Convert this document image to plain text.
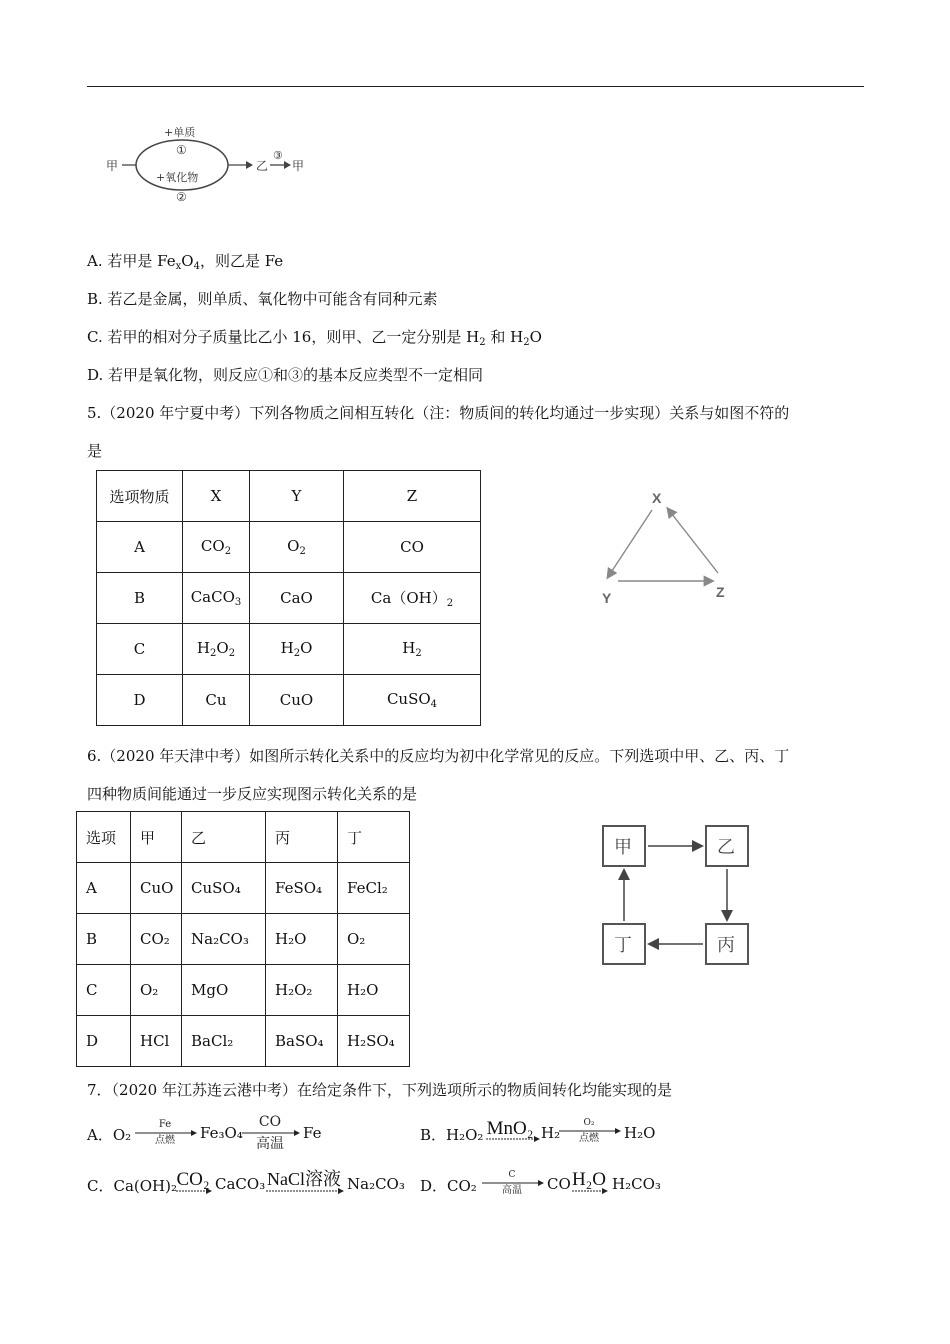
甲
+单质
①
+氧化物
②
乙
③
甲
A. 若甲是 $Fe_xO_4$，则乙是 Fe
B. 若乙是金属，则单质、氧化物中可能含有同种元素
C. 若甲的相对分子质量比乙小 16，则甲、乙一定分别是 $H_2$ 和 $H_2O$
D. 若甲是氧化物，则反应①和③的基本反应类型不一定相同
5.（2020 年宁夏中考）下列各物质之间相互转化（注：物质间的转化均通过一步实现）关系与如图不符的
是
选项物质	X	Y	Z
A	$CO_2$	$O_2$	CO
B	CaCO$_3$	CaO	$Ca(OH)_2$
C	$H_2O_2$	$H_2O$	$H_2$
D	Cu	CuO	CuSO$_4$
X
Y	Z
6.（2020 年天津中考）如图所示转化关系中的反应均为初中化学常见的反应。下列选项中甲、乙、丙、丁
四种物质间能通过一步反应实现图示转化关系的是
选项	甲	乙	丙	丁
A	CuO	CuSO₄	FeSO₄	FeCl₂
B	CO₂	Na₂CO₃	H₂O	O₂
C	O₂	MgO	H₂O₂	H₂O
D	HCl	BaCl₂	BaSO₄	H₂SO₄
甲	乙
丙
丁
7．（2020 年江苏连云港中考）在给定条件下，下列选项所示的物质间转化均能实现的是
A．O₂
Fe
点燃 Fe₃O₄
CO
高温
Fe	B．H₂O₂ MnO₂ H₂
O₂
点燃 H₂O
C．Ca(OH)₂ CO₂ CaCO₃ NaCl溶液 Na₂CO₃ D．CO₂
C
高温 CO H₂O H₂CO₃
